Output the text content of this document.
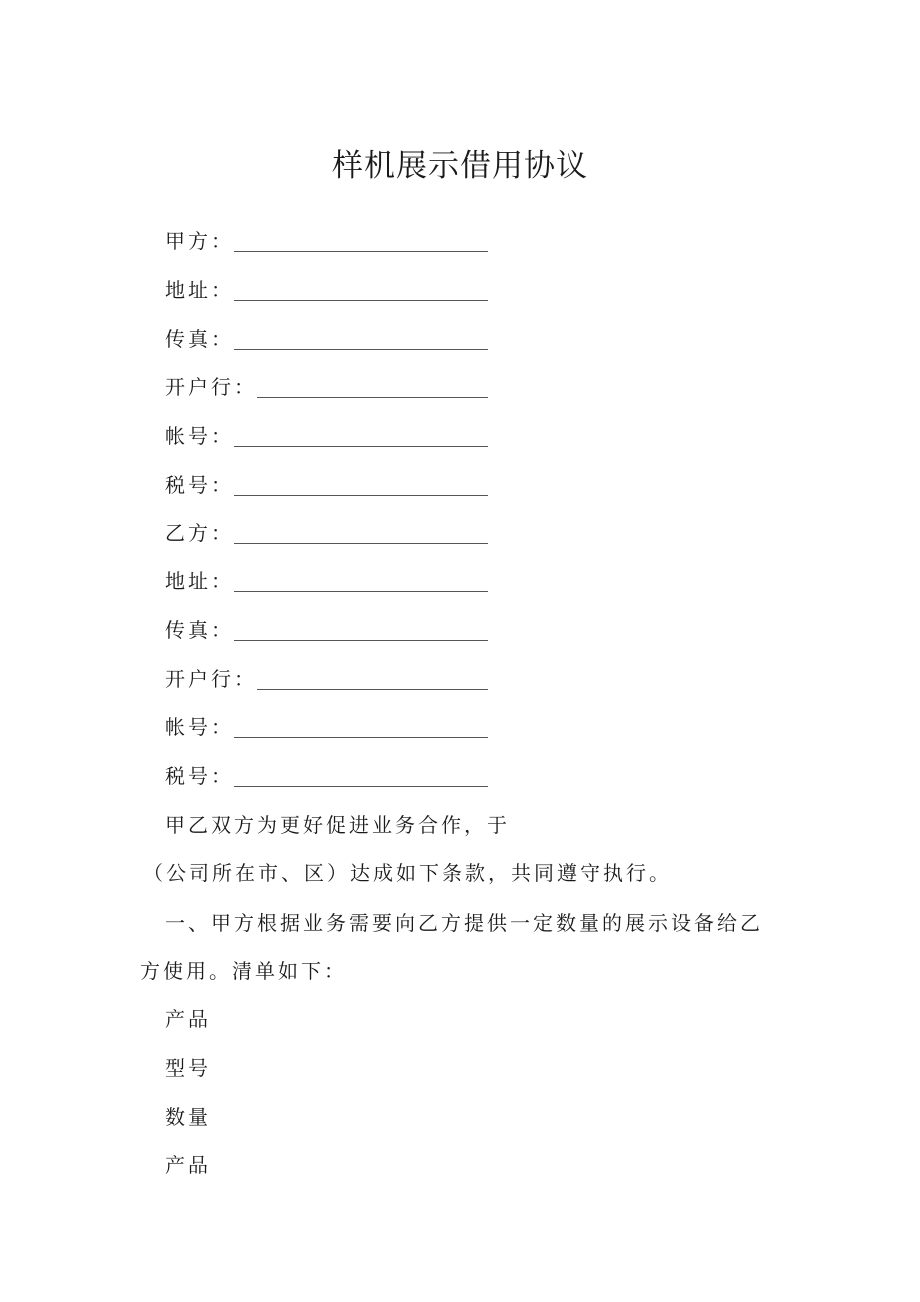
样机展示借用协议
甲方：
地址：
传真：
开户行：
帐号：
税号：
乙方：
地址：
传真：
开户行：
帐号：
税号：
甲乙双方为更好促进业务合作，于
（公司所在市、区）达成如下条款，共同遵守执行。
一、甲方根据业务需要向乙方提供一定数量的展示设备给乙
方使用。清单如下：
产品
型号
数量
产品
